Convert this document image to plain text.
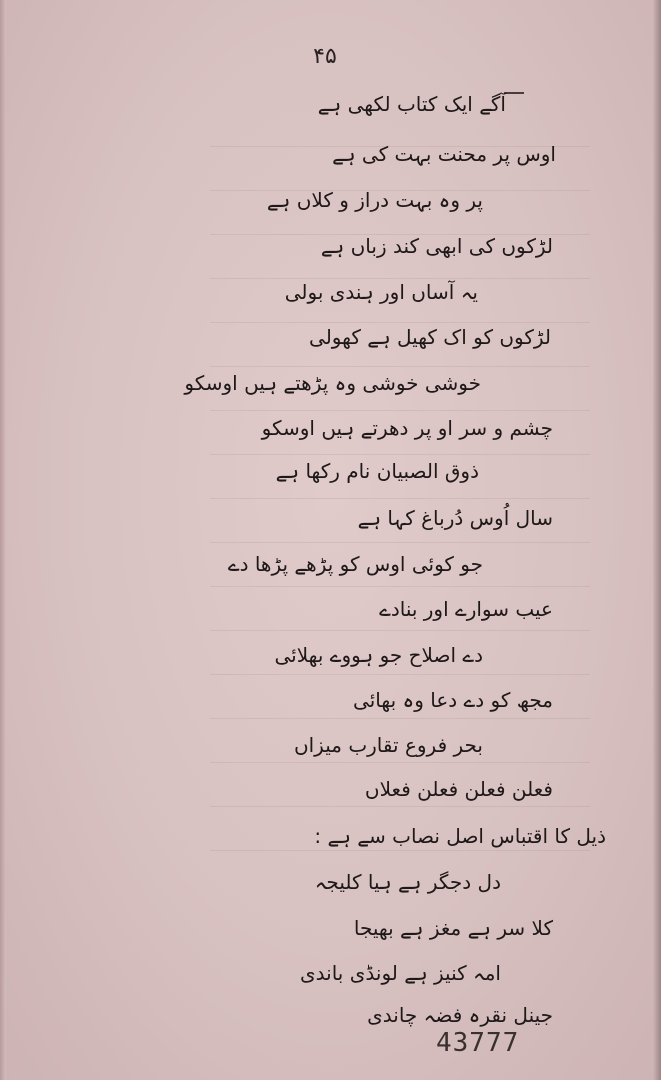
۴۵
آگے ایک کتاب لکھی ہے
اوس پر محنت بہت کی ہے
پر وہ بہت دراز و کلاں ہے
لڑکوں کی ابھی کند زباں ہے
یہ آساں اور ہندی بولی
لڑکوں کو اک کھیل ہے کھولی
خوشی خوشی وہ پڑھتے ہیں اوسکو
چشم و سر او پر دھرتے ہیں اوسکو
ذوق الصبیان نام رکھا ہے
سال اُوس دُرباغ کہا ہے
جو کوئی اوس کو پڑھے پڑھا دے
عیب سوارے اور بنادے
دے اصلاح جو ہووے بھلائی
مجھ کو دے دعا وہ بھائی
بحر فروع تقارب میزاں
فعلن فعلن فعلن فعلاں
ذیل کا اقتباس اصل نصاب سے ہے :
دل دجگر ہے ہیا کلیجہ
کلا سر ہے مغز ہے بھیجا
امہ کنیز ہے لونڈی باندی
جینل نقرہ فضہ چاندی
43777
